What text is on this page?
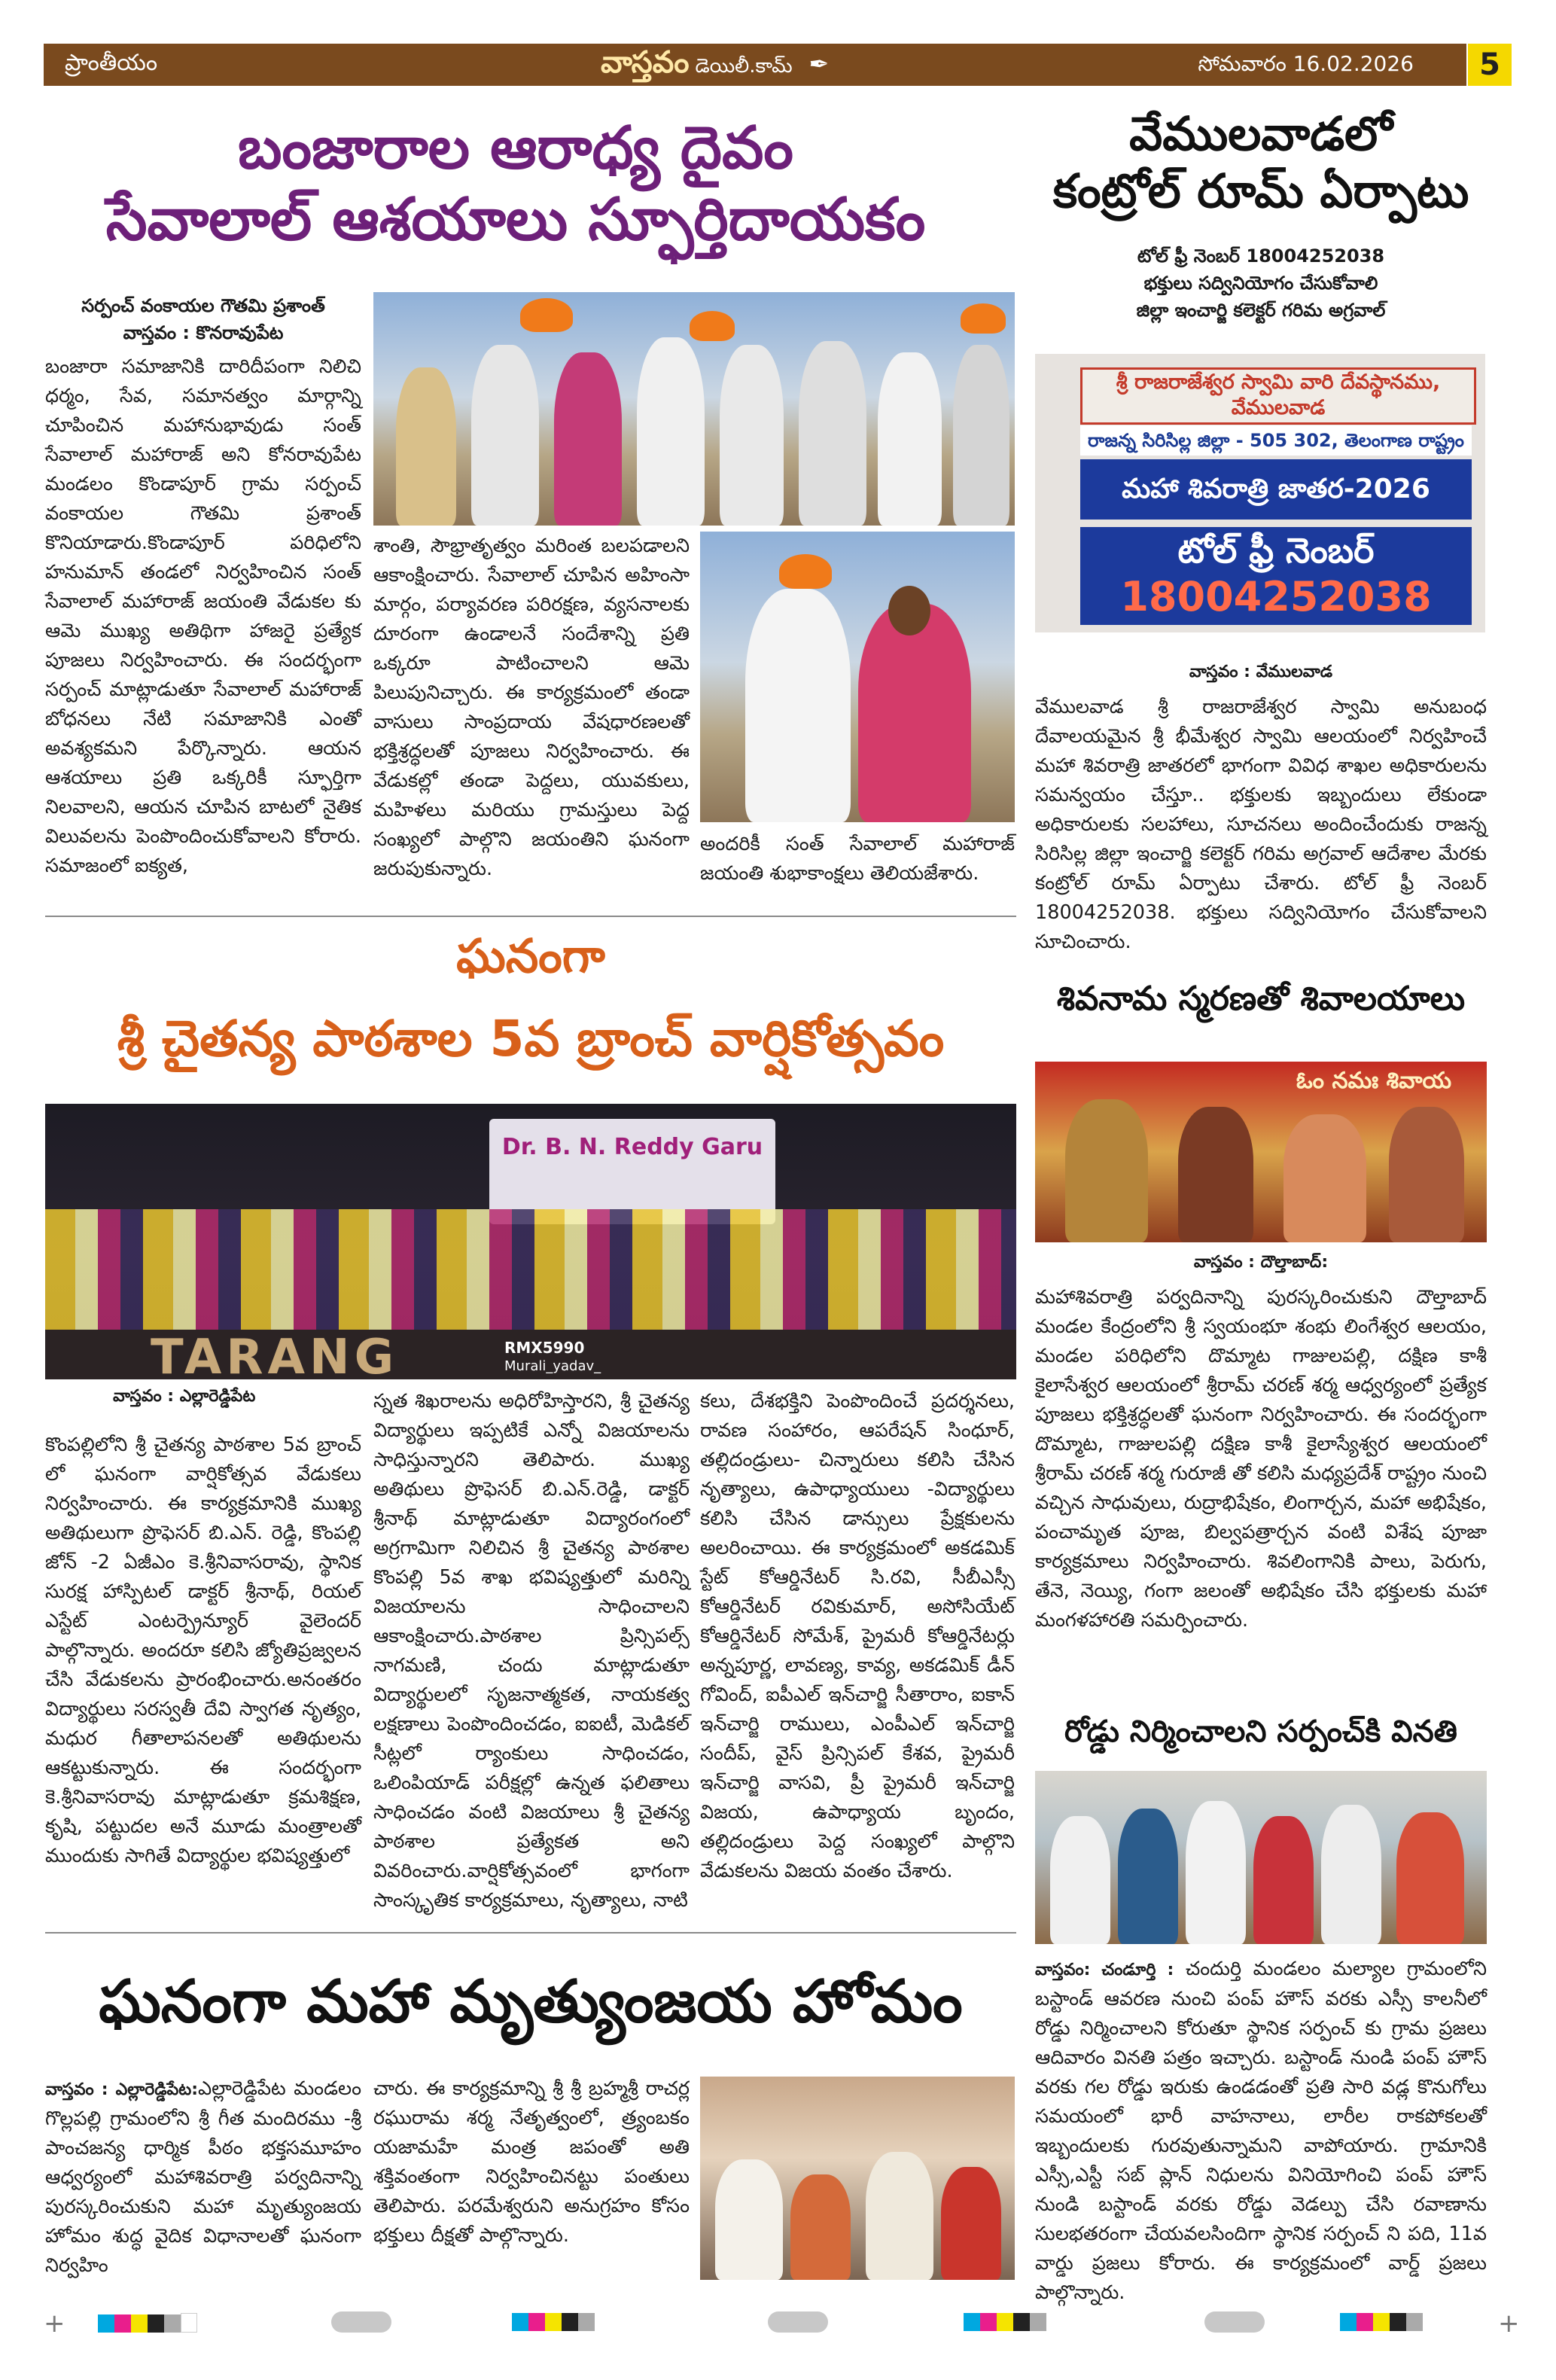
ప్రాంతీయం	వాస్తవం డెయిలీ.కామ్ ✒	సోమవారం 16.02.2026	5
బంజారాల ఆరాధ్య దైవం
సేవాలాల్ ఆశయాలు స్ఫూర్తిదాయకం
సర్పంచ్ వంకాయల గౌతమి ప్రశాంత్
వాస్తవం : కొనరావుపేట

బంజారా సమాజానికి దారిదీపంగా నిలిచి ధర్మం, సేవ, సమానత్వం మార్గాన్ని చూపించిన మహానుభావుడు సంత్ సేవాలాల్ మహారాజ్ అని కోనరావుపేట మండలం కొండాపూర్ గ్రామ సర్పంచ్ వంకాయల గౌతమి ప్రశాంత్ కొనియాడారు.కొండాపూర్ పరిధిలోని హనుమాన్ తండలో నిర్వహించిన సంత్ సేవాలాల్ మహారాజ్ జయంతి వేడుకల కు ఆమె ముఖ్య అతిథిగా హాజరై ప్రత్యేక పూజలు నిర్వహించారు. ఈ సందర్భంగా సర్పంచ్ మాట్లాడుతూ సేవాలాల్ మహారాజ్ బోధనలు నేటి సమాజానికి ఎంతో అవశ్యకమని పేర్కొన్నారు. ఆయన ఆశయాలు ప్రతి ఒక్కరికీ స్ఫూర్తిగా నిలవాలని, ఆయన చూపిన బాటలో నైతిక విలువలను పెంపొందించుకోవాలని కోరారు. సమాజంలో ఐక్యత,

శాంతి, సౌభ్రాతృత్వం మరింత బలపడాలని ఆకాంక్షించారు. సేవాలాల్ చూపిన అహింసా మార్గం, పర్యావరణ పరిరక్షణ, వ్యసనాలకు దూరంగా ఉండాలనే సందేశాన్ని ప్రతి ఒక్కరూ పాటించాలని ఆమె పిలుపునిచ్చారు. ఈ కార్యక్రమంలో తండా వాసులు సాంప్రదాయ వేషధారణలతో భక్తిశ్రద్ధలతో పూజలు నిర్వహించారు. ఈ వేడుకల్లో తండా పెద్దలు, యువకులు, మహిళలు మరియు గ్రామస్తులు పెద్ద సంఖ్యలో పాల్గొని జయంతిని ఘనంగా జరుపుకున్నారు.

అందరికీ సంత్ సేవాలాల్ మహారాజ్ జయంతి శుభాకాంక్షలు తెలియజేశారు.

ఘనంగా
శ్రీ చైతన్య పాఠశాల 5వ బ్రాంచ్ వార్షికోత్సవం
Dr. B. N. Reddy Garu
TARANG	RMX5990
Murali_yadav_
వాస్తవం : ఎల్లారెడ్డిపేట

కొంపల్లిలోని శ్రీ చైతన్య పాఠశాల 5వ బ్రాంచ్ లో ఘనంగా వార్షికోత్సవ వేడుకలు నిర్వహించారు. ఈ కార్యక్రమానికి ముఖ్య అతిథులుగా ప్రొఫెసర్ బి.ఎన్. రెడ్డి, కొంపల్లి జోన్ -2 ఏజీఎం కె.శ్రీనివాసరావు, స్థానిక సురక్ష హాస్పిటల్ డాక్టర్ శ్రీనాథ్, రియల్ ఎస్టేట్ ఎంటర్ప్రెన్యూర్ వైలెందర్ పాల్గొన్నారు. అందరూ కలిసి జ్యోతిప్రజ్వలన చేసి వేడుకలను ప్రారంభించారు.అనంతరం విద్యార్థులు సరస్వతీ దేవి స్వాగత నృత్యం, మధుర గీతాలాపనలతో అతిథులను ఆకట్టుకున్నారు. ఈ సందర్భంగా కె.శ్రీనివాసరావు మాట్లాడుతూ క్రమశిక్షణ, కృషి, పట్టుదల అనే మూడు మంత్రాలతో ముందుకు సాగితే విద్యార్థుల భవిష్యత్తులో

స్నత శిఖరాలను అధిరోహిస్తారని, శ్రీ చైతన్య విద్యార్థులు ఇప్పటికే ఎన్నో విజయాలను సాధిస్తున్నారని తెలిపారు. ముఖ్య అతిథులు ప్రొఫెసర్ బి.ఎన్.రెడ్డి, డాక్టర్ శ్రీనాథ్ మాట్లాడుతూ విద్యారంగంలో అగ్రగామిగా నిలిచిన శ్రీ చైతన్య పాఠశాల కొంపల్లి 5వ శాఖ భవిష్యత్తులో మరిన్ని విజయాలను సాధించాలని ఆకాంక్షించారు.పాఠశాల ప్రిన్సిపల్స్ నాగమణి, చందు మాట్లాడుతూ విద్యార్థులలో సృజనాత్మకత, నాయకత్వ లక్షణాలు పెంపొందించడం, ఐఐటీ, మెడికల్ సీట్లలో ర్యాంకులు సాధించడం, ఒలింపియాడ్ పరీక్షల్లో ఉన్నత ఫలితాలు సాధించడం వంటి విజయాలు శ్రీ చైతన్య పాఠశాల ప్రత్యేకత అని వివరించారు.వార్షికోత్సవంలో భాగంగా సాంస్కృతిక కార్యక్రమాలు, నృత్యాలు, నాటి

కలు, దేశభక్తిని పెంపొందించే ప్రదర్శనలు, రావణ సంహారం, ఆపరేషన్ సింధూర్, తల్లిదండ్రులు- చిన్నారులు కలిసి చేసిన నృత్యాలు, ఉపాధ్యాయులు -విద్యార్థులు కలిసి చేసిన డాన్సులు ప్రేక్షకులను అలరించాయి. ఈ కార్యక్రమంలో అకడమిక్ స్టేట్ కోఆర్డినేటర్ సి.రవి, సీబీఎస్సీ కోఆర్డినేటర్ రవికుమార్, అసోసియేట్ కోఆర్డినేటర్ సోమేశ్, ప్రైమరీ కోఆర్డినేటర్లు అన్నపూర్ణ, లావణ్య, కావ్య, అకడమిక్ డీన్ గోవింద్, ఐపీఎల్ ఇన్‌చార్జి సీతారాం, ఐకాన్ ఇన్‌చార్జి రాములు, ఎంపీఎల్ ఇన్‌చార్జి సందీప్, వైస్ ప్రిన్సిపల్ కేశవ, ప్రైమరీ ఇన్‌చార్జి వాసవి, ప్రీ ప్రైమరీ ఇన్‌చార్జి విజయ, ఉపాధ్యాయ బృందం, తల్లిదండ్రులు పెద్ద సంఖ్యలో పాల్గొని వేడుకలను విజయ వంతం చేశారు.

ఘనంగా మహా మృత్యుంజయ హోమం

వాస్తవం : ఎల్లారెడ్డిపేట:ఎల్లారెడ్డిపేట మండలం గొల్లపల్లి గ్రామంలోని శ్రీ గీత మందిరము -శ్రీ పాంచజన్య ధార్మిక పీఠం భక్తసమూహం ఆధ్వర్యంలో మహాశివరాత్రి పర్వదినాన్ని పురస్కరించుకుని మహా మృత్యుంజయ హోమం శుద్ధ వైదిక విధానాలతో ఘనంగా నిర్వహిం

చారు. ఈ కార్యక్రమాన్ని శ్రీ శ్రీ బ్రహ్మశ్రీ రాచర్ల రఘురామ శర్మ నేతృత్వంలో, త్ర్యంబకం యజామహే మంత్ర జపంతో అతి శక్తివంతంగా నిర్వహించినట్టు పంతులు తెలిపారు. పరమేశ్వరుని అనుగ్రహం కోసం భక్తులు దీక్షతో పాల్గొన్నారు.

వేములవాడలో
కంట్రోల్ రూమ్ ఏర్పాటు
టోల్ ఫ్రీ నెంబర్ 18004252038
భక్తులు సద్వినియోగం చేసుకోవాలి
జిల్లా ఇంచార్జి కలెక్టర్ గరిమ అగ్రవాల్
శ్రీ రాజరాజేశ్వర స్వామి వారి దేవస్థానము, వేములవాడ
రాజన్న సిరిసిల్ల జిల్లా - 505 302, తెలంగాణ రాష్ట్రం
మహా శివరాత్రి జాతర-2026
టోల్ ఫ్రీ నెంబర్
18004252038
వాస్తవం : వేములవాడ

వేములవాడ శ్రీ రాజరాజేశ్వర స్వామి అనుబంధ దేవాలయమైన శ్రీ భీమేశ్వర స్వామి ఆలయంలో నిర్వహించే మహా శివరాత్రి జాతరలో భాగంగా వివిధ శాఖల అధికారులను సమన్వయం చేస్తూ.. భక్తులకు ఇబ్బందులు లేకుండా అధికారులకు సలహాలు, సూచనలు అందించేందుకు రాజన్న సిరిసిల్ల జిల్లా ఇంచార్జి కలెక్టర్ గరిమ అగ్రవాల్ ఆదేశాల మేరకు కంట్రోల్ రూమ్ ఏర్పాటు చేశారు. టోల్ ఫ్రీ నెంబర్ 18004252038. భక్తులు సద్వినియోగం చేసుకోవాలని సూచించారు.

శివనామ స్మరణతో శివాలయాలు
ఓం నమః శివాయ
వాస్తవం : దౌల్తాబాద్:

మహాశివరాత్రి పర్వదినాన్ని పురస్కరించుకుని దౌల్తాబాద్ మండల కేంద్రంలోని శ్రీ స్వయంభూ శంభు లింగేశ్వర ఆలయం, మండల పరిధిలోని దొమ్మాట గాజులపల్లి, దక్షిణ కాశీ కైలాసేశ్వర ఆలయంలో శ్రీరామ్ చరణ్ శర్మ ఆధ్వర్యంలో ప్రత్యేక పూజలు భక్తిశ్రద్ధలతో ఘనంగా నిర్వహించారు. ఈ సందర్భంగా దొమ్మాట, గాజులపల్లి దక్షిణ కాశీ కైలాస్యేశ్వర ఆలయంలో శ్రీరామ్ చరణ్ శర్మ గురూజీ తో కలిసి మధ్యప్రదేశ్ రాష్ట్రం నుంచి వచ్చిన సాధువులు, రుద్రాభిషేకం, లింగార్చన, మహా అభిషేకం, పంచామృత పూజ, బిల్వపత్రార్చన వంటి విశేష పూజా కార్యక్రమాలు నిర్వహించారు. శివలింగానికి పాలు, పెరుగు, తేనె, నెయ్యి, గంగా జలంతో అభిషేకం చేసి భక్తులకు మహా మంగళహారతి సమర్పించారు.

రోడ్డు నిర్మించాలని సర్పంచ్‌కి వినతి

వాస్తవం: చండూర్తి : చందుర్తి మండలం మల్యాల గ్రామంలోని బస్టాండ్ ఆవరణ నుంచి పంప్ హౌస్ వరకు ఎస్సీ కాలనీలో రోడ్డు నిర్మించాలని కోరుతూ స్థానిక సర్పంచ్ కు గ్రామ ప్రజలు ఆదివారం వినతి పత్రం ఇచ్చారు. బస్టాండ్ నుండి పంప్ హౌస్ వరకు గల రోడ్డు ఇరుకు ఉండడంతో ప్రతి సారి వడ్ల కొనుగోలు సమయంలో భారీ వాహనాలు, లారీల రాకపోకలతో ఇబ్బందులకు గురవుతున్నామని వాపోయారు. గ్రామానికి ఎస్సీ,ఎస్టీ సబ్ ప్లాన్ నిధులను వినియోగించి పంప్ హౌస్ నుండి బస్టాండ్ వరకు రోడ్డు వెడల్పు చేసి రవాణాను సులభతరంగా చేయవలసిందిగా స్థానిక సర్పంచ్ ని పది, 11వ వార్డు ప్రజలు కోరారు. ఈ కార్యక్రమంలో వార్డ్ ప్రజలు పాల్గొన్నారు.

+	+
